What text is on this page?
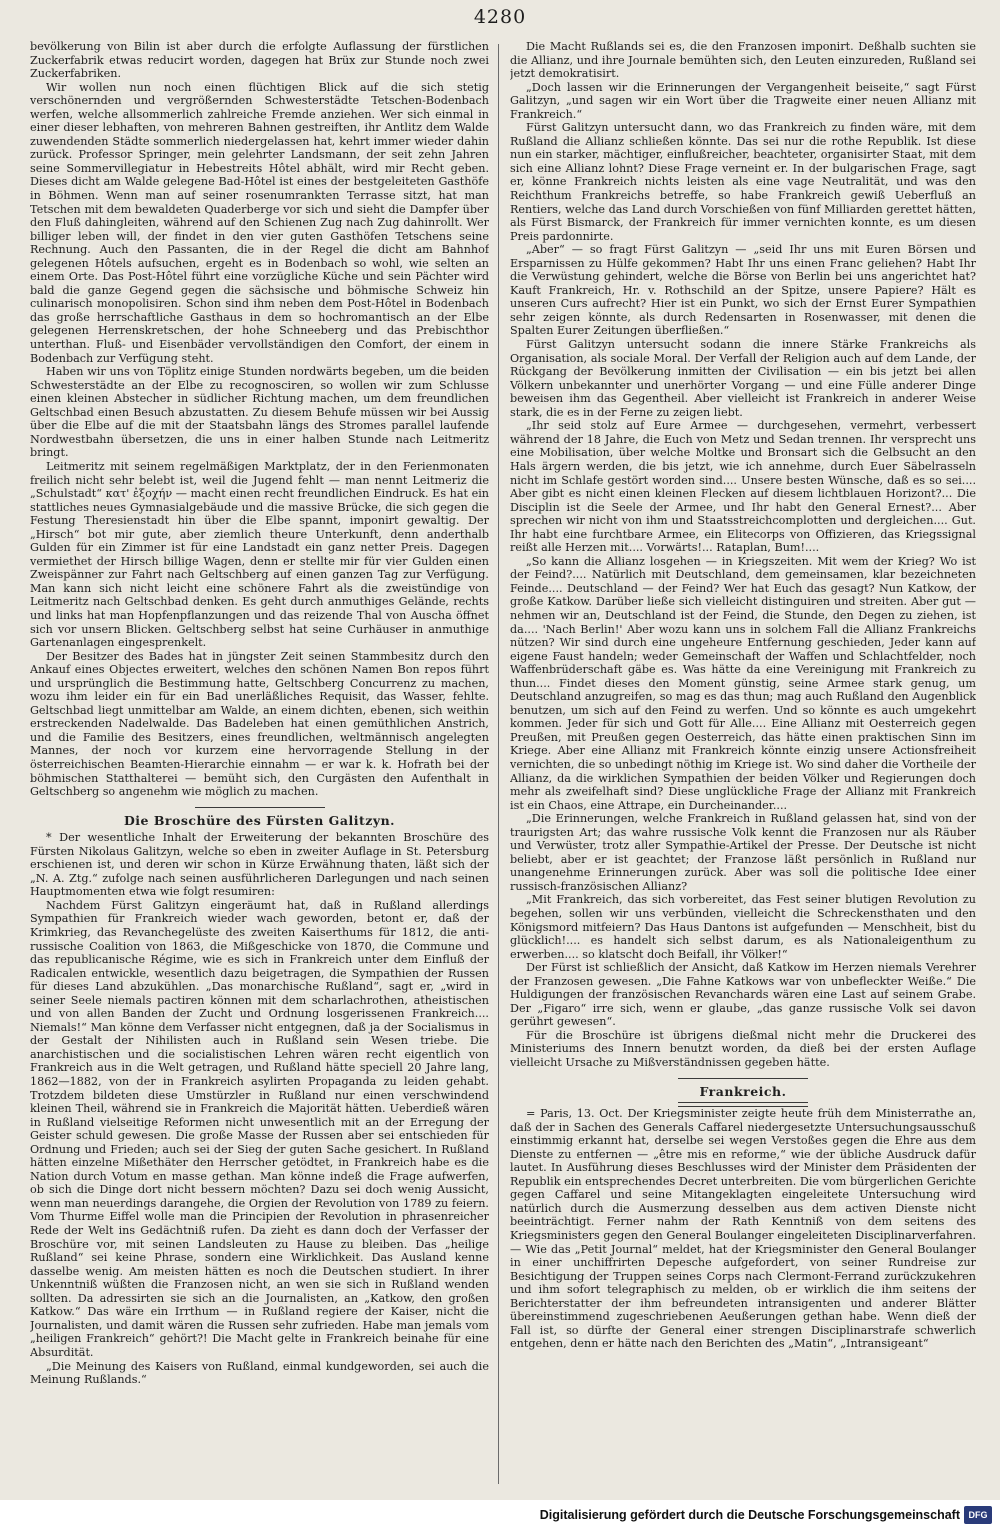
4280

bevölkerung von Bilin ist aber durch die erfolgte Auflassung der fürstlichen Zuckerfabrik etwas reducirt worden, dagegen hat Brüx zur Stunde noch zwei Zuckerfabriken.

Wir wollen nun noch einen flüchtigen Blick auf die sich stetig verschönernden und vergrößernden Schwesterstädte Tetschen-Bodenbach werfen, welche allsommerlich zahlreiche Fremde anziehen. Wer sich einmal in einer dieser lebhaften, von mehreren Bahnen gestreiften, ihr Antlitz dem Walde zuwendenden Städte sommerlich niedergelassen hat, kehrt immer wieder dahin zurück. Professor Springer, mein gelehrter Landsmann, der seit zehn Jahren seine Sommervillegiatur in Hebestreits Hôtel abhält, wird mir Recht geben. Dieses dicht am Walde gelegene Bad-Hôtel ist eines der bestgeleiteten Gasthöfe in Böhmen. Wenn man auf seiner rosenumrankten Terrasse sitzt, hat man Tetschen mit dem bewaldeten Quaderberge vor sich und sieht die Dampfer über den Fluß dahingleiten, während auf den Schienen Zug nach Zug dahinrollt. Wer billiger leben will, der findet in den vier guten Gasthöfen Tetschens seine Rechnung. Auch den Passanten, die in der Regel die dicht am Bahnhof gelegenen Hôtels aufsuchen, ergeht es in Bodenbach so wohl, wie selten an einem Orte. Das Post-Hôtel führt eine vorzügliche Küche und sein Pächter wird bald die ganze Gegend gegen die sächsische und böhmische Schweiz hin culinarisch monopolisiren. Schon sind ihm neben dem Post-Hôtel in Bodenbach das große herrschaftliche Gasthaus in dem so hochromantisch an der Elbe gelegenen Herrenskretschen, der hohe Schneeberg und das Prebischthor unterthan. Fluß- und Eisenbäder vervollständigen den Comfort, der einem in Bodenbach zur Verfügung steht.

Haben wir uns von Töplitz einige Stunden nordwärts begeben, um die beiden Schwesterstädte an der Elbe zu recognosciren, so wollen wir zum Schlusse einen kleinen Abstecher in südlicher Richtung machen, um dem freundlichen Geltschbad einen Besuch abzustatten. Zu diesem Behufe müssen wir bei Aussig über die Elbe auf die mit der Staatsbahn längs des Stromes parallel laufende Nordwestbahn übersetzen, die uns in einer halben Stunde nach Leitmeritz bringt.

Leitmeritz mit seinem regelmäßigen Marktplatz, der in den Ferienmonaten freilich nicht sehr belebt ist, weil die Jugend fehlt — man nennt Leitmeriz die „Schulstadt“ κατ' ἐξοχήν — macht einen recht freundlichen Eindruck. Es hat ein stattliches neues Gymnasialgebäude und die massive Brücke, die sich gegen die Festung Theresienstadt hin über die Elbe spannt, imponirt gewaltig. Der „Hirsch“ bot mir gute, aber ziemlich theure Unterkunft, denn anderthalb Gulden für ein Zimmer ist für eine Landstadt ein ganz netter Preis. Dagegen vermiethet der Hirsch billige Wagen, denn er stellte mir für vier Gulden einen Zweispänner zur Fahrt nach Geltschberg auf einen ganzen Tag zur Verfügung. Man kann sich nicht leicht eine schönere Fahrt als die zweistündige von Leitmeritz nach Geltschbad denken. Es geht durch anmuthiges Gelände, rechts und links hat man Hopfenpflanzungen und das reizende Thal von Auscha öffnet sich vor unsern Blicken. Geltschberg selbst hat seine Curhäuser in anmuthige Gartenanlagen eingesprenkelt.

Der Besitzer des Bades hat in jüngster Zeit seinen Stammbesitz durch den Ankauf eines Objectes erweitert, welches den schönen Namen Bon repos führt und ursprünglich die Bestimmung hatte, Geltschberg Concurrenz zu machen, wozu ihm leider ein für ein Bad unerläßliches Requisit, das Wasser, fehlte. Geltschbad liegt unmittelbar am Walde, an einem dichten, ebenen, sich weithin erstreckenden Nadelwalde. Das Badeleben hat einen gemüthlichen Anstrich, und die Familie des Besitzers, eines freundlichen, weltmännisch angelegten Mannes, der noch vor kurzem eine hervorragende Stellung in der österreichischen Beamten-Hierarchie einnahm — er war k. k. Hofrath bei der böhmischen Statthalterei — bemüht sich, den Curgästen den Aufenthalt in Geltschberg so angenehm wie möglich zu machen.

Die Broschüre des Fürsten Galitzyn.

* Der wesentliche Inhalt der Erweiterung der bekannten Broschüre des Fürsten Nikolaus Galitzyn, welche so eben in zweiter Auflage in St. Petersburg erschienen ist, und deren wir schon in Kürze Erwähnung thaten, läßt sich der „N. A. Ztg.“ zufolge nach seinen ausführlicheren Darlegungen und nach seinen Hauptmomenten etwa wie folgt resumiren:

Nachdem Fürst Galitzyn eingeräumt hat, daß in Rußland allerdings Sympathien für Frankreich wieder wach geworden, betont er, daß der Krimkrieg, das Revanchegelüste des zweiten Kaiserthums für 1812, die anti-russische Coalition von 1863, die Mißgeschicke von 1870, die Commune und das republicanische Régime, wie es sich in Frankreich unter dem Einfluß der Radicalen entwickle, wesentlich dazu beigetragen, die Sympathien der Russen für dieses Land abzukühlen. „Das monarchische Rußland“, sagt er, „wird in seiner Seele niemals pactiren können mit dem scharlachrothen, atheistischen und von allen Banden der Zucht und Ordnung losgerissenen Frankreich.... Niemals!“ Man könne dem Verfasser nicht entgegnen, daß ja der Socialismus in der Gestalt der Nihilisten auch in Rußland sein Wesen triebe. Die anarchistischen und die socialistischen Lehren wären recht eigentlich von Frankreich aus in die Welt getragen, und Rußland hätte speciell 20 Jahre lang, 1862—1882, von der in Frankreich asylirten Propaganda zu leiden gehabt. Trotzdem bildeten diese Umstürzler in Rußland nur einen verschwindend kleinen Theil, während sie in Frankreich die Majorität hätten. Ueberdieß wären in Rußland vielseitige Reformen nicht unwesentlich mit an der Erregung der Geister schuld gewesen. Die große Masse der Russen aber sei entschieden für Ordnung und Frieden; auch sei der Sieg der guten Sache gesichert. In Rußland hätten einzelne Mißethäter den Herrscher getödtet, in Frankreich habe es die Nation durch Votum en masse gethan. Man könne indeß die Frage aufwerfen, ob sich die Dinge dort nicht bessern möchten? Dazu sei doch wenig Aussicht, wenn man neuerdings darangehe, die Orgien der Revolution von 1789 zu feiern. Vom Thurme Eiffel wolle man die Principien der Revolution in phrasenreicher Rede der Welt ins Gedächtniß rufen. Da zieht es dann doch der Verfasser der Broschüre vor, mit seinen Landsleuten zu Hause zu bleiben. Das „heilige Rußland“ sei keine Phrase, sondern eine Wirklichkeit. Das Ausland kenne dasselbe wenig. Am meisten hätten es noch die Deutschen studiert. In ihrer Unkenntniß wüßten die Franzosen nicht, an wen sie sich in Rußland wenden sollten. Da adressirten sie sich an die Journalisten, an „Katkow, den großen Katkow.“ Das wäre ein Irrthum — in Rußland regiere der Kaiser, nicht die Journalisten, und damit wären die Russen sehr zufrieden. Habe man jemals vom „heiligen Frankreich“ gehört?! Die Macht gelte in Frankreich beinahe für eine Absurdität.

„Die Meinung des Kaisers von Rußland, einmal kundgeworden, sei auch die Meinung Rußlands.“

Die Macht Rußlands sei es, die den Franzosen imponirt. Deßhalb suchten sie die Allianz, und ihre Journale bemühten sich, den Leuten einzureden, Rußland sei jetzt demokratisirt.

„Doch lassen wir die Erinnerungen der Vergangenheit beiseite,“ sagt Fürst Galitzyn, „und sagen wir ein Wort über die Tragweite einer neuen Allianz mit Frankreich.“

Fürst Galitzyn untersucht dann, wo das Frankreich zu finden wäre, mit dem Rußland die Allianz schließen könnte. Das sei nur die rothe Republik. Ist diese nun ein starker, mächtiger, einflußreicher, beachteter, organisirter Staat, mit dem sich eine Allianz lohnt? Diese Frage verneint er. In der bulgarischen Frage, sagt er, könne Frankreich nichts leisten als eine vage Neutralität, und was den Reichthum Frankreichs betreffe, so habe Frankreich gewiß Ueberfluß an Rentiers, welche das Land durch Vorschießen von fünf Milliarden gerettet hätten, als Fürst Bismarck, der Frankreich für immer vernichten konnte, es um diesen Preis pardonnirte.

„Aber“ — so fragt Fürst Galitzyn — „seid Ihr uns mit Euren Börsen und Ersparnissen zu Hülfe gekommen? Habt Ihr uns einen Franc geliehen? Habt Ihr die Verwüstung gehindert, welche die Börse von Berlin bei uns angerichtet hat? Kauft Frankreich, Hr. v. Rothschild an der Spitze, unsere Papiere? Hält es unseren Curs aufrecht? Hier ist ein Punkt, wo sich der Ernst Eurer Sympathien sehr zeigen könnte, als durch Redensarten in Rosenwasser, mit denen die Spalten Eurer Zeitungen überfließen.“

Fürst Galitzyn untersucht sodann die innere Stärke Frankreichs als Organisation, als sociale Moral. Der Verfall der Religion auch auf dem Lande, der Rückgang der Bevölkerung inmitten der Civilisation — ein bis jetzt bei allen Völkern unbekannter und unerhörter Vorgang — und eine Fülle anderer Dinge beweisen ihm das Gegentheil. Aber vielleicht ist Frankreich in anderer Weise stark, die es in der Ferne zu zeigen liebt.

„Ihr seid stolz auf Eure Armee — durchgesehen, vermehrt, verbessert während der 18 Jahre, die Euch von Metz und Sedan trennen. Ihr versprecht uns eine Mobilisation, über welche Moltke und Bronsart sich die Gelbsucht an den Hals ärgern werden, die bis jetzt, wie ich annehme, durch Euer Säbelrasseln nicht im Schlafe gestört worden sind.... Unsere besten Wünsche, daß es so sei.... Aber gibt es nicht einen kleinen Flecken auf diesem lichtblauen Horizont?... Die Disciplin ist die Seele der Armee, und Ihr habt den General Ernest?... Aber sprechen wir nicht von ihm und Staatsstreichcomplotten und dergleichen.... Gut. Ihr habt eine furchtbare Armee, ein Elitecorps von Offizieren, das Kriegssignal reißt alle Herzen mit.... Vorwärts!... Rataplan, Bum!....

„So kann die Allianz losgehen — in Kriegszeiten. Mit wem der Krieg? Wo ist der Feind?.... Natürlich mit Deutschland, dem gemeinsamen, klar bezeichneten Feinde.... Deutschland — der Feind? Wer hat Euch das gesagt? Nun Katkow, der große Katkow. Darüber ließe sich vielleicht distinguiren und streiten. Aber gut — nehmen wir an, Deutschland ist der Feind, die Stunde, den Degen zu ziehen, ist da.... 'Nach Berlin!' Aber wozu kann uns in solchem Fall die Allianz Frankreichs nützen? Wir sind durch eine ungeheure Entfernung geschieden, Jeder kann auf eigene Faust handeln; weder Gemeinschaft der Waffen und Schlachtfelder, noch Waffenbrüderschaft gäbe es. Was hätte da eine Vereinigung mit Frankreich zu thun.... Findet dieses den Moment günstig, seine Armee stark genug, um Deutschland anzugreifen, so mag es das thun; mag auch Rußland den Augenblick benutzen, um sich auf den Feind zu werfen. Und so könnte es auch umgekehrt kommen. Jeder für sich und Gott für Alle.... Eine Allianz mit Oesterreich gegen Preußen, mit Preußen gegen Oesterreich, das hätte einen praktischen Sinn im Kriege. Aber eine Allianz mit Frankreich könnte einzig unsere Actionsfreiheit vernichten, die so unbedingt nöthig im Kriege ist. Wo sind daher die Vortheile der Allianz, da die wirklichen Sympathien der beiden Völker und Regierungen doch mehr als zweifelhaft sind? Diese unglückliche Frage der Allianz mit Frankreich ist ein Chaos, eine Attrape, ein Durcheinander....

„Die Erinnerungen, welche Frankreich in Rußland gelassen hat, sind von der traurigsten Art; das wahre russische Volk kennt die Franzosen nur als Räuber und Verwüster, trotz aller Sympathie-Artikel der Presse. Der Deutsche ist nicht beliebt, aber er ist geachtet; der Franzose läßt persönlich in Rußland nur unangenehme Erinnerungen zurück. Aber was soll die politische Idee einer russisch-französischen Allianz?

„Mit Frankreich, das sich vorbereitet, das Fest seiner blutigen Revolution zu begehen, sollen wir uns verbünden, vielleicht die Schreckensthaten und den Königsmord mitfeiern? Das Haus Dantons ist aufgefunden — Menschheit, bist du glücklich!.... es handelt sich selbst darum, es als Nationaleigenthum zu erwerben.... so klatscht doch Beifall, ihr Völker!“

Der Fürst ist schließlich der Ansicht, daß Katkow im Herzen niemals Verehrer der Franzosen gewesen. „Die Fahne Katkows war von unbefleckter Weiße.“ Die Huldigungen der französischen Revanchards wären eine Last auf seinem Grabe. Der „Figaro“ irre sich, wenn er glaube, „das ganze russische Volk sei davon gerührt gewesen“.

Für die Broschüre ist übrigens dießmal nicht mehr die Druckerei des Ministeriums des Innern benutzt worden, da dieß bei der ersten Auflage vielleicht Ursache zu Mißverständnissen gegeben hätte.

Frankreich.

= Paris, 13. Oct. Der Kriegsminister zeigte heute früh dem Ministerrathe an, daß der in Sachen des Generals Caffarel niedergesetzte Untersuchungsausschuß einstimmig erkannt hat, derselbe sei wegen Verstoßes gegen die Ehre aus dem Dienste zu entfernen — „être mis en reforme,“ wie der übliche Ausdruck dafür lautet. In Ausführung dieses Beschlusses wird der Minister dem Präsidenten der Republik ein entsprechendes Decret unterbreiten. Die vom bürgerlichen Gerichte gegen Caffarel und seine Mitangeklagten eingeleitete Untersuchung wird natürlich durch die Ausmerzung desselben aus dem activen Dienste nicht beeinträchtigt. Ferner nahm der Rath Kenntniß von dem seitens des Kriegsministers gegen den General Boulanger eingeleiteten Disciplinarverfahren. — Wie das „Petit Journal“ meldet, hat der Kriegsminister den General Boulanger in einer unchiffrirten Depesche aufgefordert, von seiner Rundreise zur Besichtigung der Truppen seines Corps nach Clermont-Ferrand zurückzukehren und ihm sofort telegraphisch zu melden, ob er wirklich die ihm seitens der Berichterstatter der ihm befreundeten intransigenten und anderer Blätter übereinstimmend zugeschriebenen Aeußerungen gethan habe. Wenn dieß der Fall ist, so dürfte der General einer strengen Disciplinarstrafe schwerlich entgehen, denn er hätte nach den Berichten des „Matin“, „Intransigeant“

Digitalisierung gefördert durch die Deutsche Forschungsgemeinschaft DFG
